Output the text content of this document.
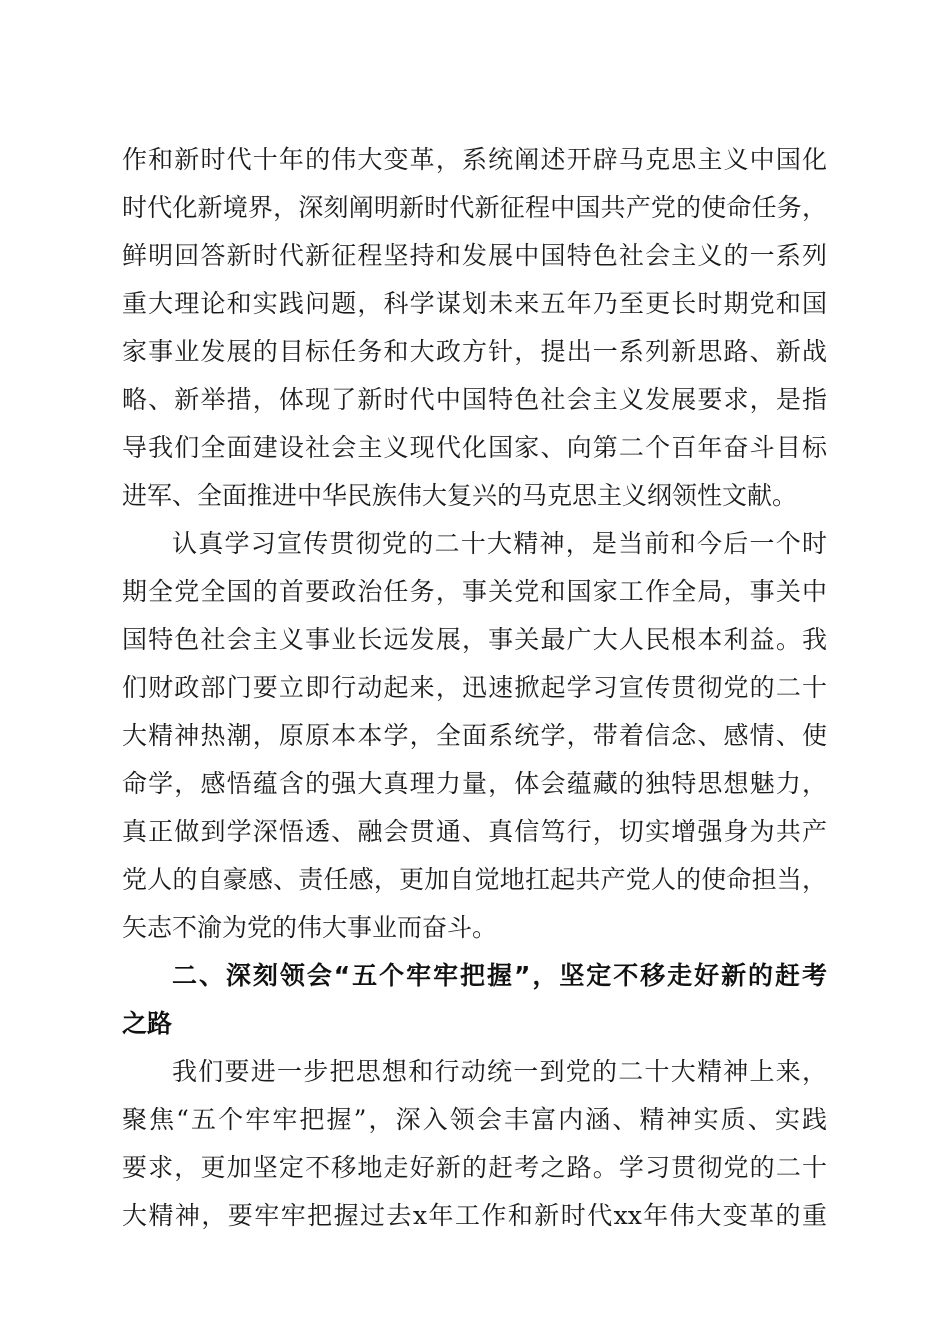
作和新时代十年的伟大变革，系统阐述开辟马克思主义中国化
时代化新境界，深刻阐明新时代新征程中国共产党的使命任务，
鲜明回答新时代新征程坚持和发展中国特色社会主义的一系列
重大理论和实践问题，科学谋划未来五年乃至更长时期党和国
家事业发展的目标任务和大政方针，提出一系列新思路、新战
略、新举措，体现了新时代中国特色社会主义发展要求，是指
导我们全面建设社会主义现代化国家、向第二个百年奋斗目标
进军、全面推进中华民族伟大复兴的马克思主义纲领性文献。
认真学习宣传贯彻党的二十大精神，是当前和今后一个时
期全党全国的首要政治任务，事关党和国家工作全局，事关中
国特色社会主义事业长远发展，事关最广大人民根本利益。我
们财政部门要立即行动起来，迅速掀起学习宣传贯彻党的二十
大精神热潮，原原本本学，全面系统学，带着信念、感情、使
命学，感悟蕴含的强大真理力量，体会蕴藏的独特思想魅力，
真正做到学深悟透、融会贯通、真信笃行，切实增强身为共产
党人的自豪感、责任感，更加自觉地扛起共产党人的使命担当，
矢志不渝为党的伟大事业而奋斗。
二、深刻领会“五个牢牢把握”，坚定不移走好新的赶考
之路
我们要进一步把思想和行动统一到党的二十大精神上来，
聚焦“五个牢牢把握”，深入领会丰富内涵、精神实质、实践
要求，更加坚定不移地走好新的赶考之路。学习贯彻党的二十
大精神，要牢牢把握过去x年工作和新时代xx年伟大变革的重
